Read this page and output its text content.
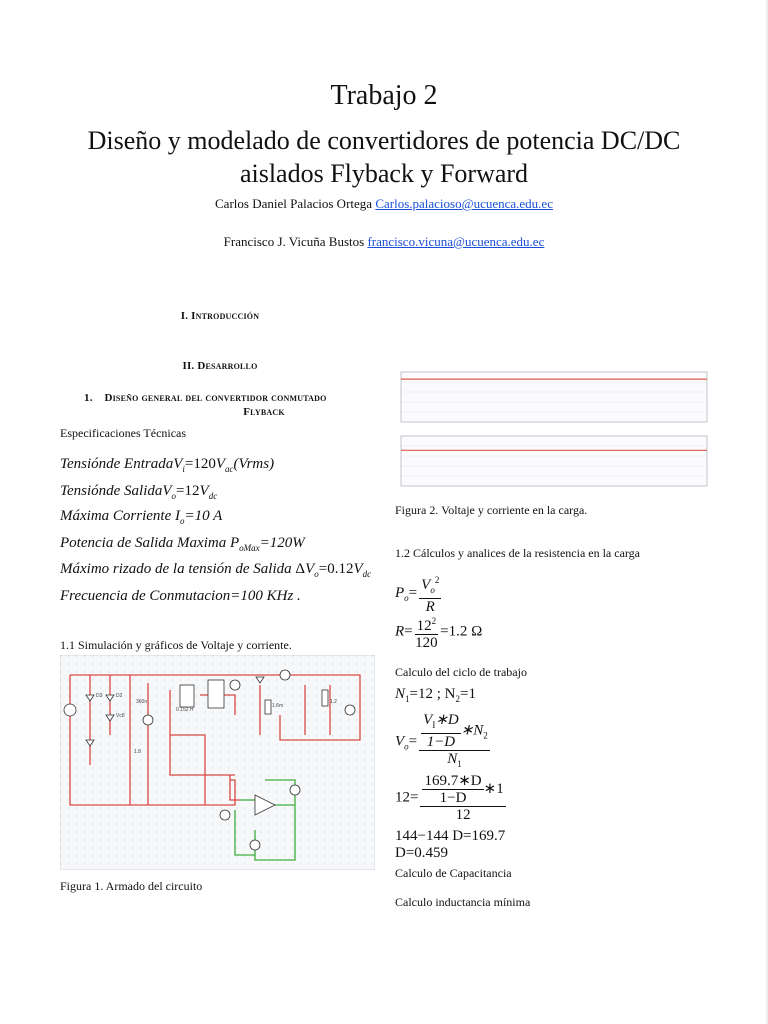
Trabajo 2
Diseño y modelado de convertidores de potencia DC/DC
aislados Flyback y Forward
Carlos Daniel Palacios Ortega Carlos.palacioso@ucuenca.edu.ec
Francisco J. Vicuña Bustos francisco.vicuna@ucuenca.edu.ec
I. Introducción
II. Desarrollo
1. Diseño general del convertidor conmutado

Flyback
Especificaciones Técnicas
Tensiónde $EntradaV_i=120V_{ac}(Vrms)$
Tensiónde $SalidaV_o=12V_{dc}$
Máxima Corriente $I_o=10$ A
Potencia de Salida Maxima $P_{oMax}=120W$
Máximo rizado de la tensión de Salida $\Delta V_o=0.12V_{dc}$
Frecuencia de Conmutacion=100 KHz .
1.1 Simulación y gráficos de Voltaje y corriente.
D3	D2
Vc8
360n
0.152 H
1.6m
1.2
1.8
Figura 1. Armado del circuito
Figura 2. Voltaje y corriente en la carga.
1.2 Cálculos y analices de la resistencia en la carga
$P_o= \frac{V_o^2}{R}$
$R= \frac{12^2}{120} =1.2$ Ω
Calculo del ciclo de trabajo
$N_1=12$ ; $N_2=1$
$V_o= \frac{\frac{V_I∗D}{1-D} ∗N_2}{N_1}$
$12= \frac{\frac{169.7∗D}{1-D} ∗1}{12}$
144−144 D=169.7
D=0.459
Calculo de Capacitancia
Calculo inductancia mínima
